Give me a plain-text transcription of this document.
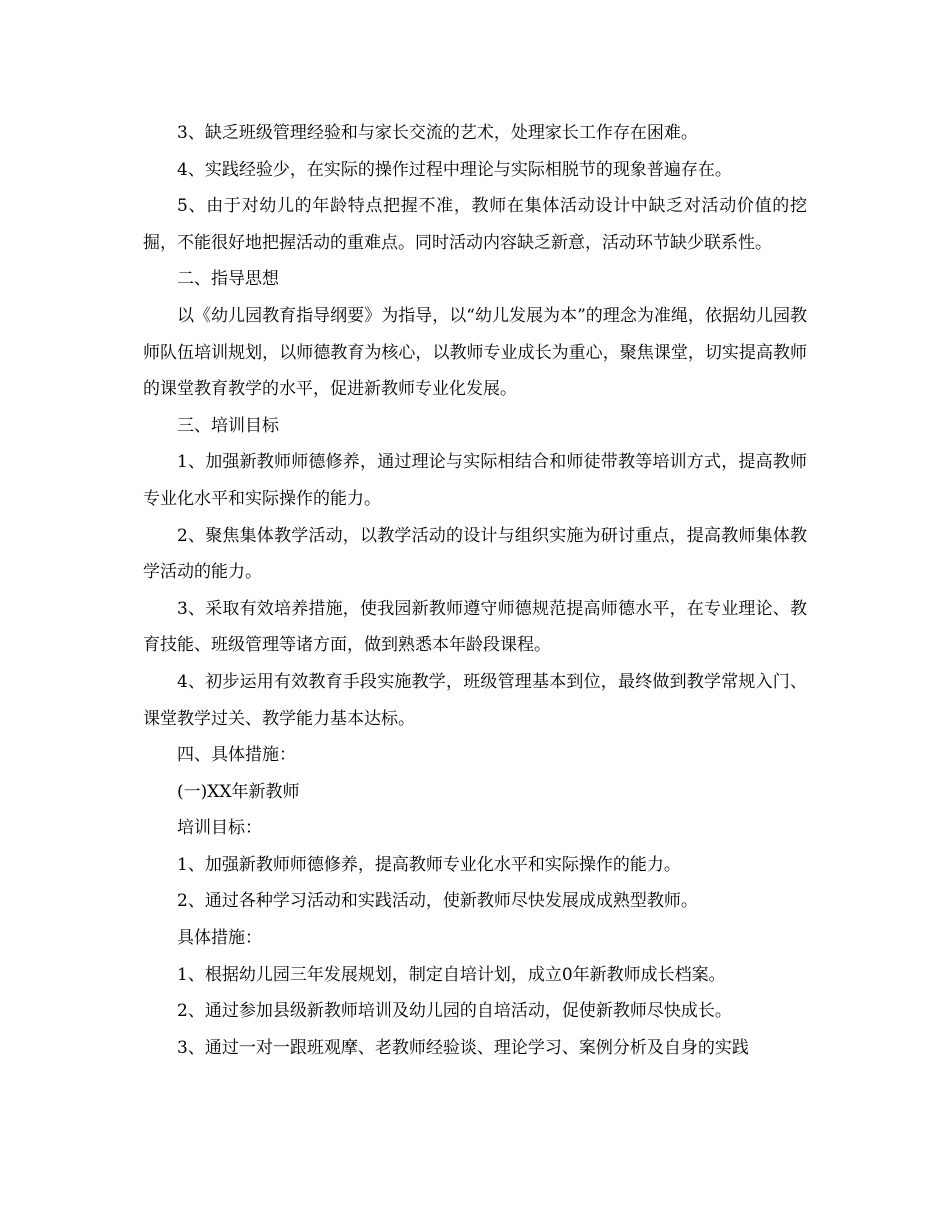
3、缺乏班级管理经验和与家长交流的艺术，处理家长工作存在困难。

4、实践经验少，在实际的操作过程中理论与实际相脱节的现象普遍存在。

5、由于对幼儿的年龄特点把握不准，教师在集体活动设计中缺乏对活动价值的挖掘，不能很好地把握活动的重难点。同时活动内容缺乏新意，活动环节缺少联系性。

二、指导思想

以《幼儿园教育指导纲要》为指导，以“幼儿发展为本”的理念为准绳，依据幼儿园教师队伍培训规划，以师德教育为核心，以教师专业成长为重心，聚焦课堂，切实提高教师的课堂教育教学的水平，促进新教师专业化发展。

三、培训目标

1、加强新教师师德修养，通过理论与实际相结合和师徒带教等培训方式，提高教师专业化水平和实际操作的能力。

2、聚焦集体教学活动，以教学活动的设计与组织实施为研讨重点，提高教师集体教学活动的能力。

3、采取有效培养措施，使我园新教师遵守师德规范提高师德水平，在专业理论、教育技能、班级管理等诸方面，做到熟悉本年龄段课程。

4、初步运用有效教育手段实施教学，班级管理基本到位，最终做到教学常规入门、课堂教学过关、教学能力基本达标。

四、具体措施：

(一)XX年新教师

培训目标：

1、加强新教师师德修养，提高教师专业化水平和实际操作的能力。

2、通过各种学习活动和实践活动，使新教师尽快发展成成熟型教师。

具体措施：

1、根据幼儿园三年发展规划，制定自培计划，成立0年新教师成长档案。

2、通过参加县级新教师培训及幼儿园的自培活动，促使新教师尽快成长。

3、通过一对一跟班观摩、老教师经验谈、理论学习、案例分析及自身的实践
